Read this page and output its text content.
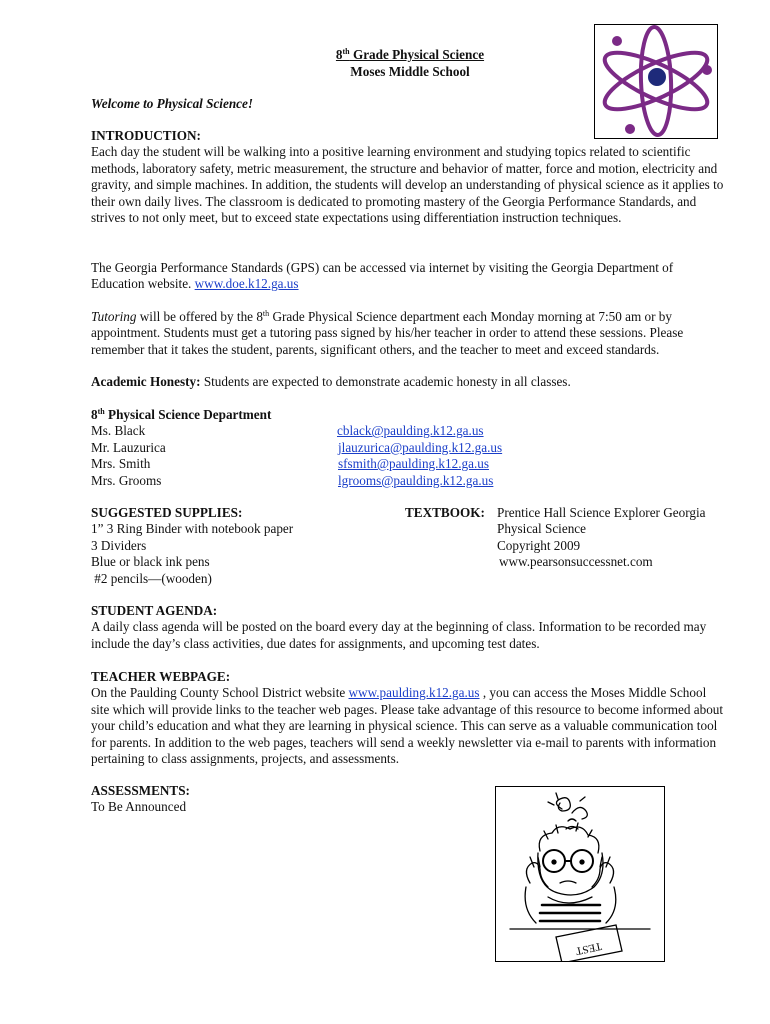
8th Grade Physical Science
Moses Middle School
Welcome to Physical Science!
INTRODUCTION:
Each day the student will be walking into a positive learning environment and studying topics related to scientific methods, laboratory safety, metric measurement, the structure and behavior of matter, force and motion, electricity and gravity, and simple machines. In addition, the students will develop an understanding of physical science as it applies to their own daily lives. The classroom is dedicated to promoting mastery of the Georgia Performance Standards, and strives to not only meet, but to exceed state expectations using differentiation instruction techniques.
The Georgia Performance Standards (GPS) can be accessed via internet by visiting the Georgia Department of Education website. www.doe.k12.ga.us
Tutoring will be offered by the 8th Grade Physical Science department each Monday morning at 7:50 am or by appointment. Students must get a tutoring pass signed by his/her teacher in order to attend these sessions. Please remember that it takes the student, parents, significant others, and the teacher to meet and exceed standards.
Academic Honesty: Students are expected to demonstrate academic honesty in all classes.
8th Physical Science Department
Ms. Black	cblack@paulding.k12.ga.us
Mr. Lauzurica	jlauzurica@paulding.k12.ga.us
Mrs. Smith	sfsmith@paulding.k12.ga.us
Mrs. Grooms	lgrooms@paulding.k12.ga.us
SUGGESTED SUPPLIES:
1” 3 Ring Binder with notebook paper
3 Dividers
Blue or black ink pens
#2 pencils—(wooden)
TEXTBOOK: Prentice Hall Science Explorer Georgia
Physical Science
Copyright 2009
www.pearsonsuccessnet.com
STUDENT AGENDA:
A daily class agenda will be posted on the board every day at the beginning of class. Information to be recorded may include the day’s class activities, due dates for assignments, and upcoming test dates.
TEACHER WEBPAGE:
On the Paulding County School District website www.paulding.k12.ga.us , you can access the Moses Middle School site which will provide links to the teacher web pages. Please take advantage of this resource to become informed about your child’s education and what they are learning in physical science. This can serve as a valuable communication tool for parents. In addition to the web pages, teachers will send a weekly newsletter via e-mail to parents with information pertaining to class assignments, projects, and assessments.
ASSESSMENTS:
To Be Announced
TEST
